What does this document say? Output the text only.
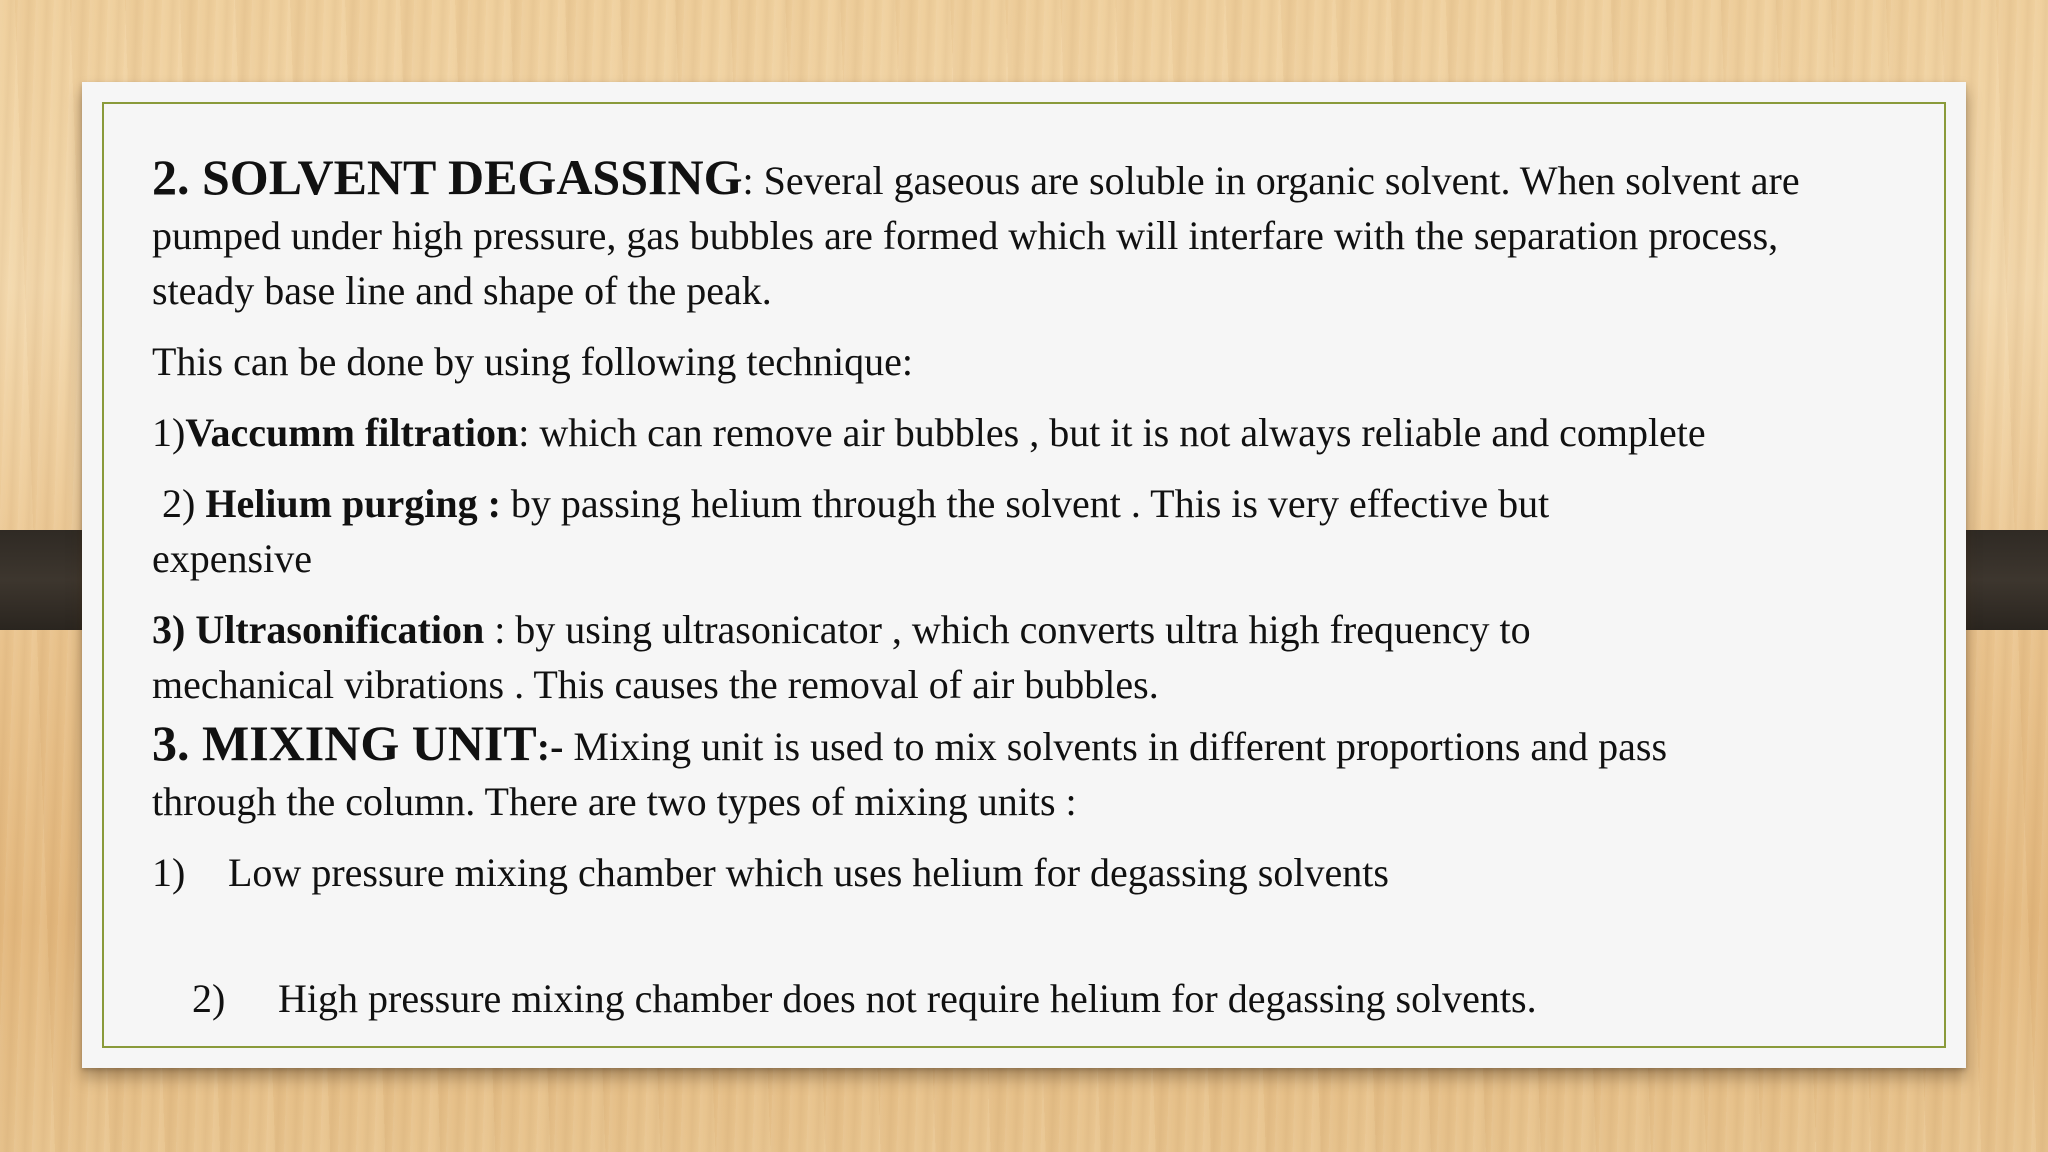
2. SOLVENT DEGASSING: Several gaseous are soluble in organic solvent. When solvent are pumped under high pressure, gas bubbles are formed which will interfare with the separation process, steady base line and shape of the peak.

This can be done by using following technique:

1)Vaccumm filtration: which can remove air bubbles , but it is not always reliable and complete

2) Helium purging : by passing helium through the solvent . This is very effective but expensive

3) Ultrasonification : by using ultrasonicator , which converts ultra high frequency to mechanical vibrations . This causes the removal of air bubbles.

3. MIXING UNIT:- Mixing unit is used to mix solvents in different proportions and pass through the column. There are two types of mixing units :

1) Low pressure mixing chamber which uses helium for degassing solvents

2) High pressure mixing chamber does not require helium for degassing solvents.
